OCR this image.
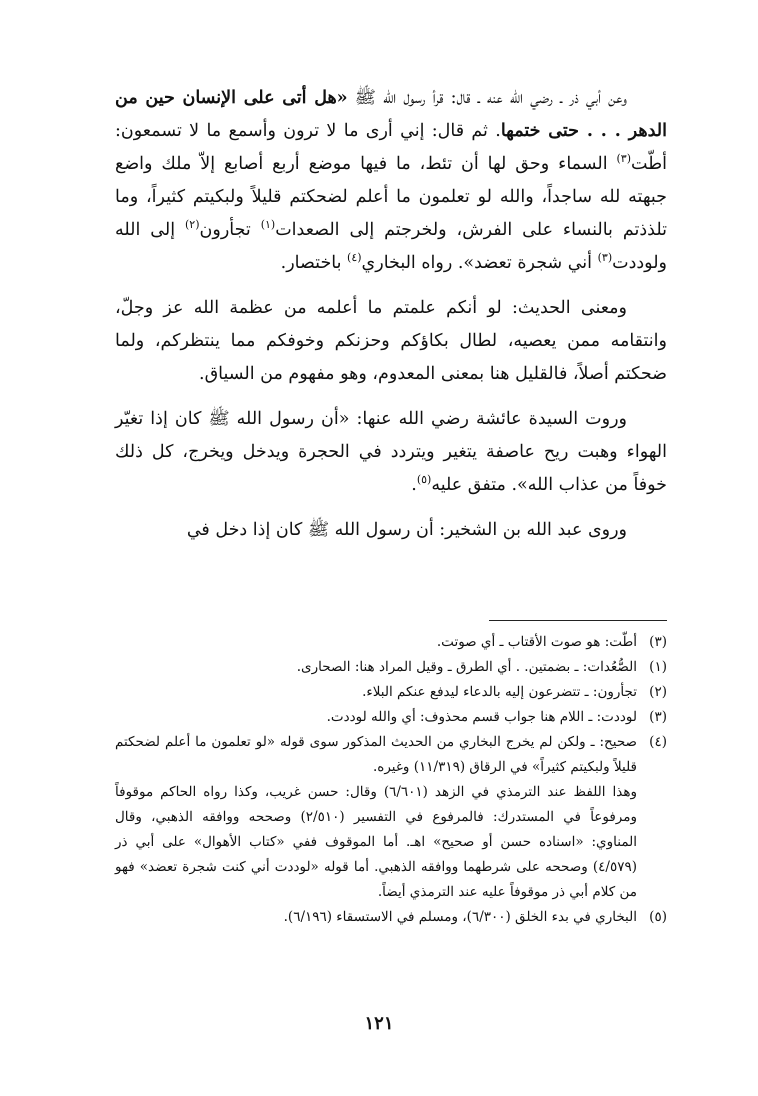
وعن أبي ذر ـ رضي الله عنه ـ قال: قرأ رسول الله ﷺ «هل أتى على الإنسان حين من الدهر . . . حتى ختمها. ثم قال: إني أرى ما لا ترون وأسمع ما لا تسمعون: أطّت$^{(٣)}$ السماء وحق لها أن تئط، ما فيها موضع أربع أصابع إلاّ ملك واضع جبهته لله ساجداً، والله لو تعلمون ما أعلم لضحكتم قليلاً ولبكيتم كثيراً، وما تلذذتم بالنساء على الفرش، ولخرجتم إلى الصعدات$^{(١)}$ تجأرون$^{(٢)}$ إلى الله ولوددت$^{(٣)}$ أني شجرة تعضد». رواه البخاري$^{(٤)}$ باختصار.

ومعنى الحديث: لو أنكم علمتم ما أعلمه من عظمة الله عز وجلّ، وانتقامه ممن يعصيه، لطال بكاؤكم وحزنكم وخوفكم مما ينتظركم، ولما ضحكتم أصلاً، فالقليل هنا بمعنى المعدوم، وهو مفهوم من السياق.

وروت السيدة عائشة رضي الله عنها: «أن رسول الله ﷺ كان إذا تغيّر الهواء وهبت ريح عاصفة يتغير ويتردد في الحجرة ويدخل ويخرج، كل ذلك خوفاً من عذاب الله». متفق عليه$^{(٥)}$.

وروى عبد الله بن الشخير: أن رسول الله ﷺ كان إذا دخل في

(٣)
أطّت: هو صوت الأقتاب ـ أي صوتت.
(١)
الصُّعُدات: ـ بضمتين. . أي الطرق ـ وقيل المراد هنا: الصحارى.
(٢)
تجأرون: ـ تتضرعون إليه بالدعاء ليدفع عنكم البلاء.
(٣)
لوددت: ـ اللام هنا جواب قسم محذوف: أي والله لوددت.
(٤)
صحيح: ـ ولكن لم يخرج البخاري من الحديث المذكور سوى قوله «لو تعلمون ما أعلم لضحكتم قليلاً ولبكيتم كثيراً» في الرقاق (١١/٣١٩) وغيره.
وهذا اللفظ عند الترمذي في الزهد (٦/٦٠١) وقال: حسن غريب، وكذا رواه الحاكم موقوفاً ومرفوعاً في المستدرك: فالمرفوع في التفسير (٢/٥١٠) وصححه ووافقه الذهبي، وقال المناوي: «اسناده حسن أو صحيح» اهـ. أما الموقوف ففي «كتاب الأهوال» على أبي ذر (٤/٥٧٩) وصححه على شرطهما ووافقه الذهبي. أما قوله «لوددت أني كنت شجرة تعضد» فهو من كلام أبي ذر موقوفاً عليه عند الترمذي أيضاً.
(٥)
البخاري في بدء الخلق (٦/٣٠٠)، ومسلم في الاستسقاء (٦/١٩٦).
١٢١
